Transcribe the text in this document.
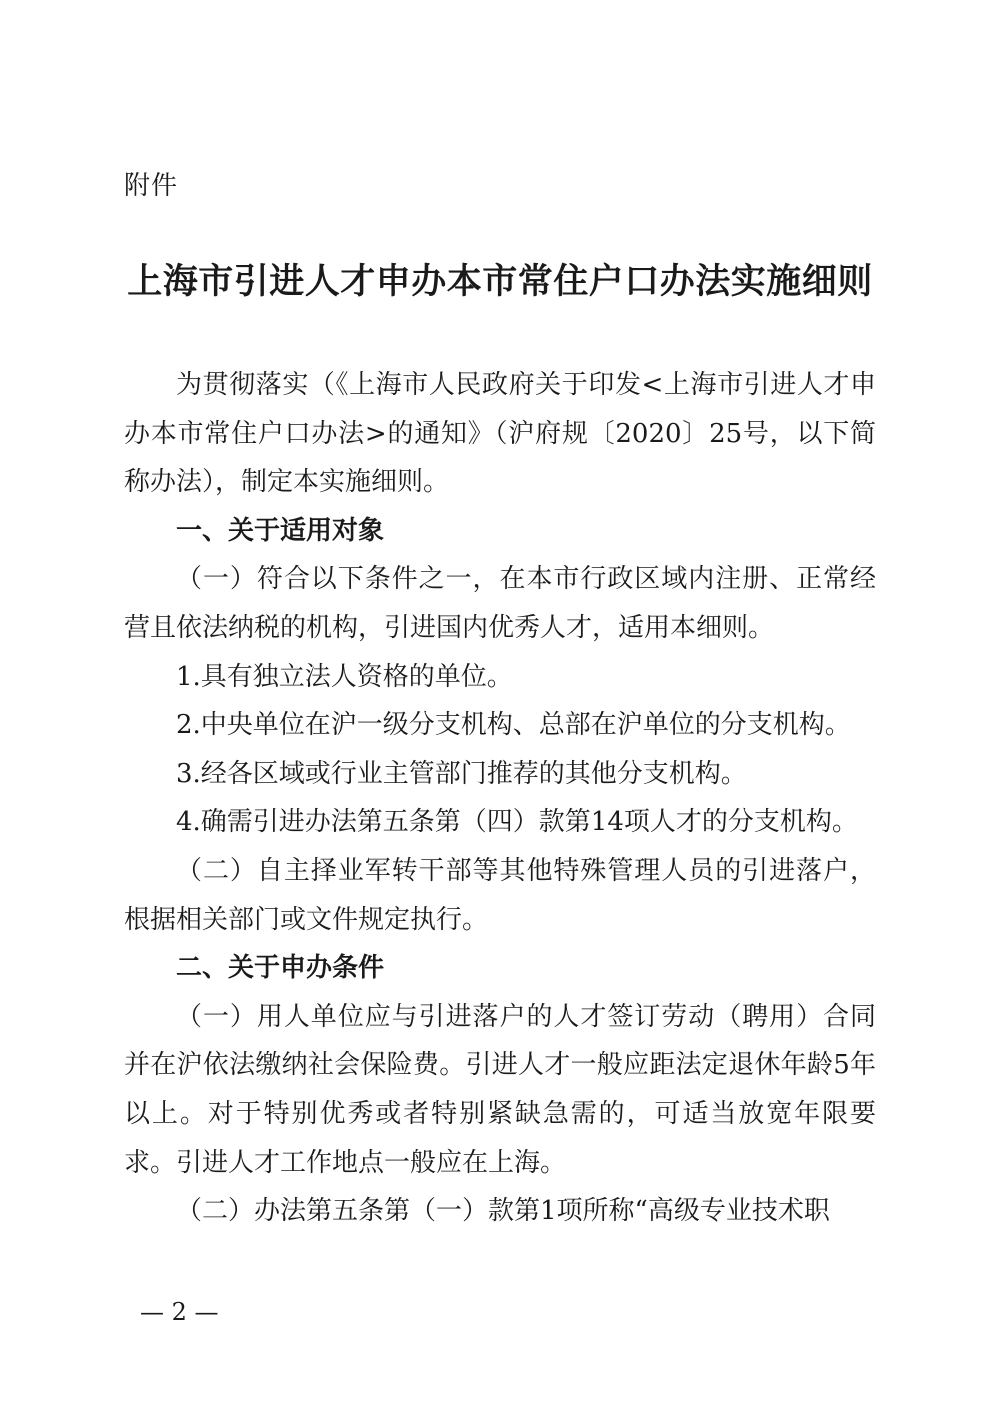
附件
上海市引进人才申办本市常住户口办法实施细则

为贯彻落实（《上海市人民政府关于印发<上海市引进人才申办本市常住户口办法>的通知》（沪府规〔2020〕25号，以下简称办法），制定本实施细则。

一、关于适用对象

（一）符合以下条件之一，在本市行政区域内注册、正常经营且依法纳税的机构，引进国内优秀人才，适用本细则。

1.具有独立法人资格的单位。

2.中央单位在沪一级分支机构、总部在沪单位的分支机构。

3.经各区域或行业主管部门推荐的其他分支机构。

4.确需引进办法第五条第（四）款第14项人才的分支机构。

（二）自主择业军转干部等其他特殊管理人员的引进落户，根据相关部门或文件规定执行。

二、关于申办条件

（一）用人单位应与引进落户的人才签订劳动（聘用）合同并在沪依法缴纳社会保险费。引进人才一般应距法定退休年龄5年以上。对于特别优秀或者特别紧缺急需的，可适当放宽年限要求。引进人才工作地点一般应在上海。

（二）办法第五条第（一）款第1项所称“高级专业技术职

— 2 —
